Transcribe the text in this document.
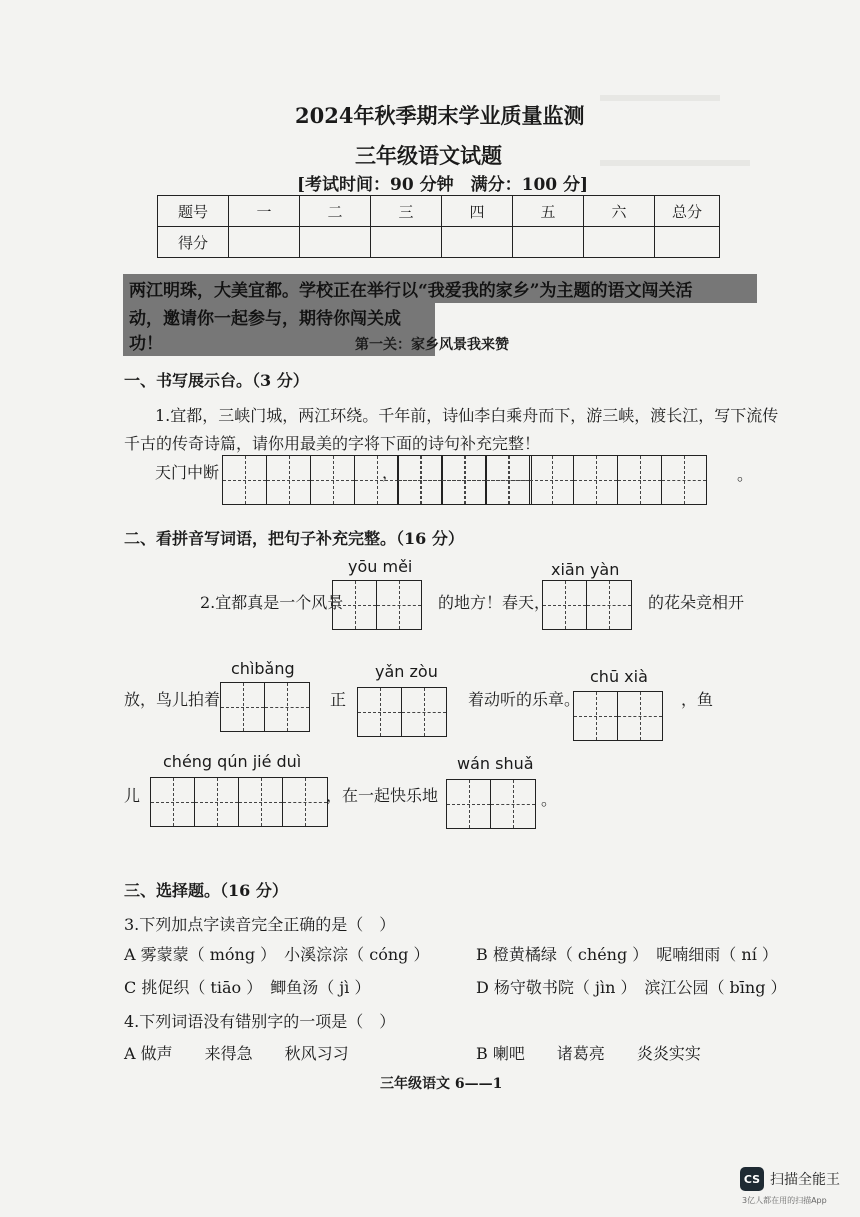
2024年秋季期末学业质量监测
三年级语文试题
[考试时间：90 分钟　满分：100 分]
题号	一	二	三	四	五	六	总分
得分							
两江明珠，大美宜都。学校正在举行以“我爱我的家乡”为主题的语文闯关活
动，邀请你一起参与，期待你闯关成功！	第一关：家乡风景我来赞
一、书写展示台。（3 分）
1.宜都，三峡门城，两江环绕。千年前，诗仙李白乘舟而下，游三峡，渡长江，写下流传
千古的传奇诗篇，请你用最美的字将下面的诗句补充完整！
天门中断	，	。
二、看拼音写词语，把句子补充完整。（16 分）
yōu měi	xiān yàn
2.宜都真是一个风景	的地方！春天，	的花朵竞相开
chìbǎng	yǎn zòu	chū xià
放，鸟儿拍着	正	着动听的乐章。	，鱼
chéng qún jié duì	wán shuǎ
儿	，在一起快乐地	。
三、选择题。（16 分）
3.下列加点字读音完全正确的是（　）
A 雾蒙蒙（ móng ）　小溪淙淙（ cóng ）	B 橙黄橘绿（ chéng ）　呢喃细雨（ ní ）
C 挑促织（ tiāo ）　鲫鱼汤（ jì ）	D 杨守敬书院（ jìn ）　滨江公园（ bīng ）
4.下列词语没有错别字的一项是（　）
A 做声　　来得急　　秋风习习	B 喇吧　　诸葛亮　　炎炎实实
三年级语文 6——1
CS 扫描全能王
3亿人都在用的扫描App
